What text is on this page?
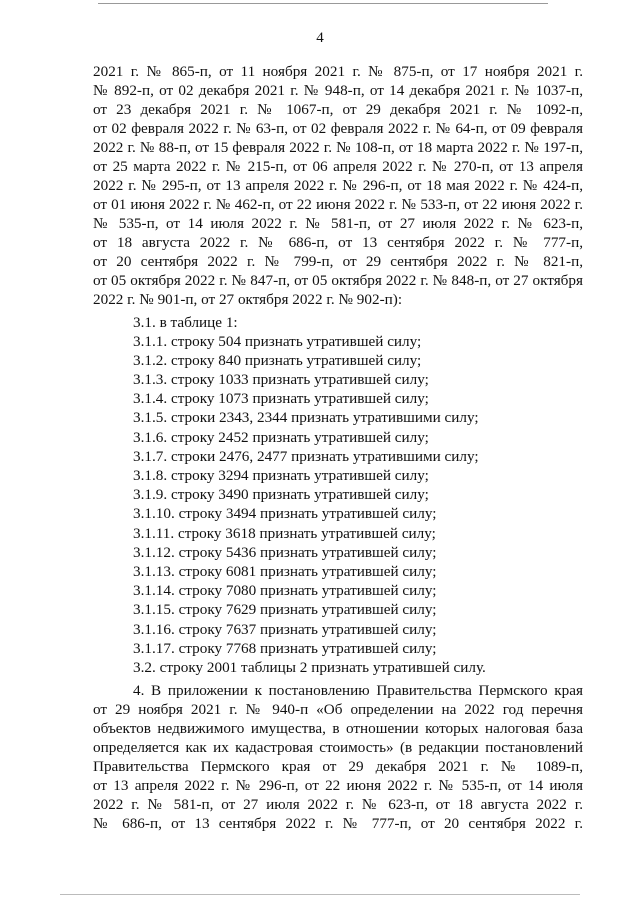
4
2021 г. № 865-п, от 11 ноября 2021 г. № 875-п, от 17 ноября 2021 г.
№ 892-п, от 02 декабря 2021 г. № 948-п, от 14 декабря 2021 г. № 1037-п,
от 23 декабря 2021 г. № 1067-п, от 29 декабря 2021 г. № 1092-п,
от 02 февраля 2022 г. № 63-п, от 02 февраля 2022 г. № 64-п, от 09 февраля
2022 г. № 88-п, от 15 февраля 2022 г. № 108-п, от 18 марта 2022 г. № 197-п,
от 25 марта 2022 г. № 215-п, от 06 апреля 2022 г. № 270-п, от 13 апреля
2022 г. № 295-п, от 13 апреля 2022 г. № 296-п, от 18 мая 2022 г. № 424-п,
от 01 июня 2022 г. № 462-п, от 22 июня 2022 г. № 533-п, от 22 июня 2022 г.
№ 535-п, от 14 июля 2022 г. № 581-п, от 27 июля 2022 г. № 623-п,
от 18 августа 2022 г. № 686-п, от 13 сентября 2022 г. № 777-п,
от 20 сентября 2022 г. № 799-п, от 29 сентября 2022 г. № 821-п,
от 05 октября 2022 г. № 847-п, от 05 октября 2022 г. № 848-п, от 27 октября
2022 г. № 901-п, от 27 октября 2022 г. № 902-п):
3.1. в таблице 1:
3.1.1. строку 504 признать утратившей силу;
3.1.2. строку 840 признать утратившей силу;
3.1.3. строку 1033 признать утратившей силу;
3.1.4. строку 1073 признать утратившей силу;
3.1.5. строки 2343, 2344 признать утратившими силу;
3.1.6. строку 2452 признать утратившей силу;
3.1.7. строки 2476, 2477 признать утратившими силу;
3.1.8. строку 3294 признать утратившей силу;
3.1.9. строку 3490 признать утратившей силу;
3.1.10. строку 3494 признать утратившей силу;
3.1.11. строку 3618 признать утратившей силу;
3.1.12. строку 5436 признать утратившей силу;
3.1.13. строку 6081 признать утратившей силу;
3.1.14. строку 7080 признать утратившей силу;
3.1.15. строку 7629 признать утратившей силу;
3.1.16. строку 7637 признать утратившей силу;
3.1.17. строку 7768 признать утратившей силу;
3.2. строку 2001 таблицы 2 признать утратившей силу.
4. В приложении к постановлению Правительства Пермского края
от 29 ноября 2021 г. № 940-п «Об определении на 2022 год перечня
объектов недвижимого имущества, в отношении которых налоговая база
определяется как их кадастровая стоимость» (в редакции постановлений
Правительства Пермского края от 29 декабря 2021 г. № 1089-п,
от 13 апреля 2022 г. № 296-п, от 22 июня 2022 г. № 535-п, от 14 июля
2022 г. № 581-п, от 27 июля 2022 г. № 623-п, от 18 августа 2022 г.
№ 686-п, от 13 сентября 2022 г. № 777-п, от 20 сентября 2022 г.
